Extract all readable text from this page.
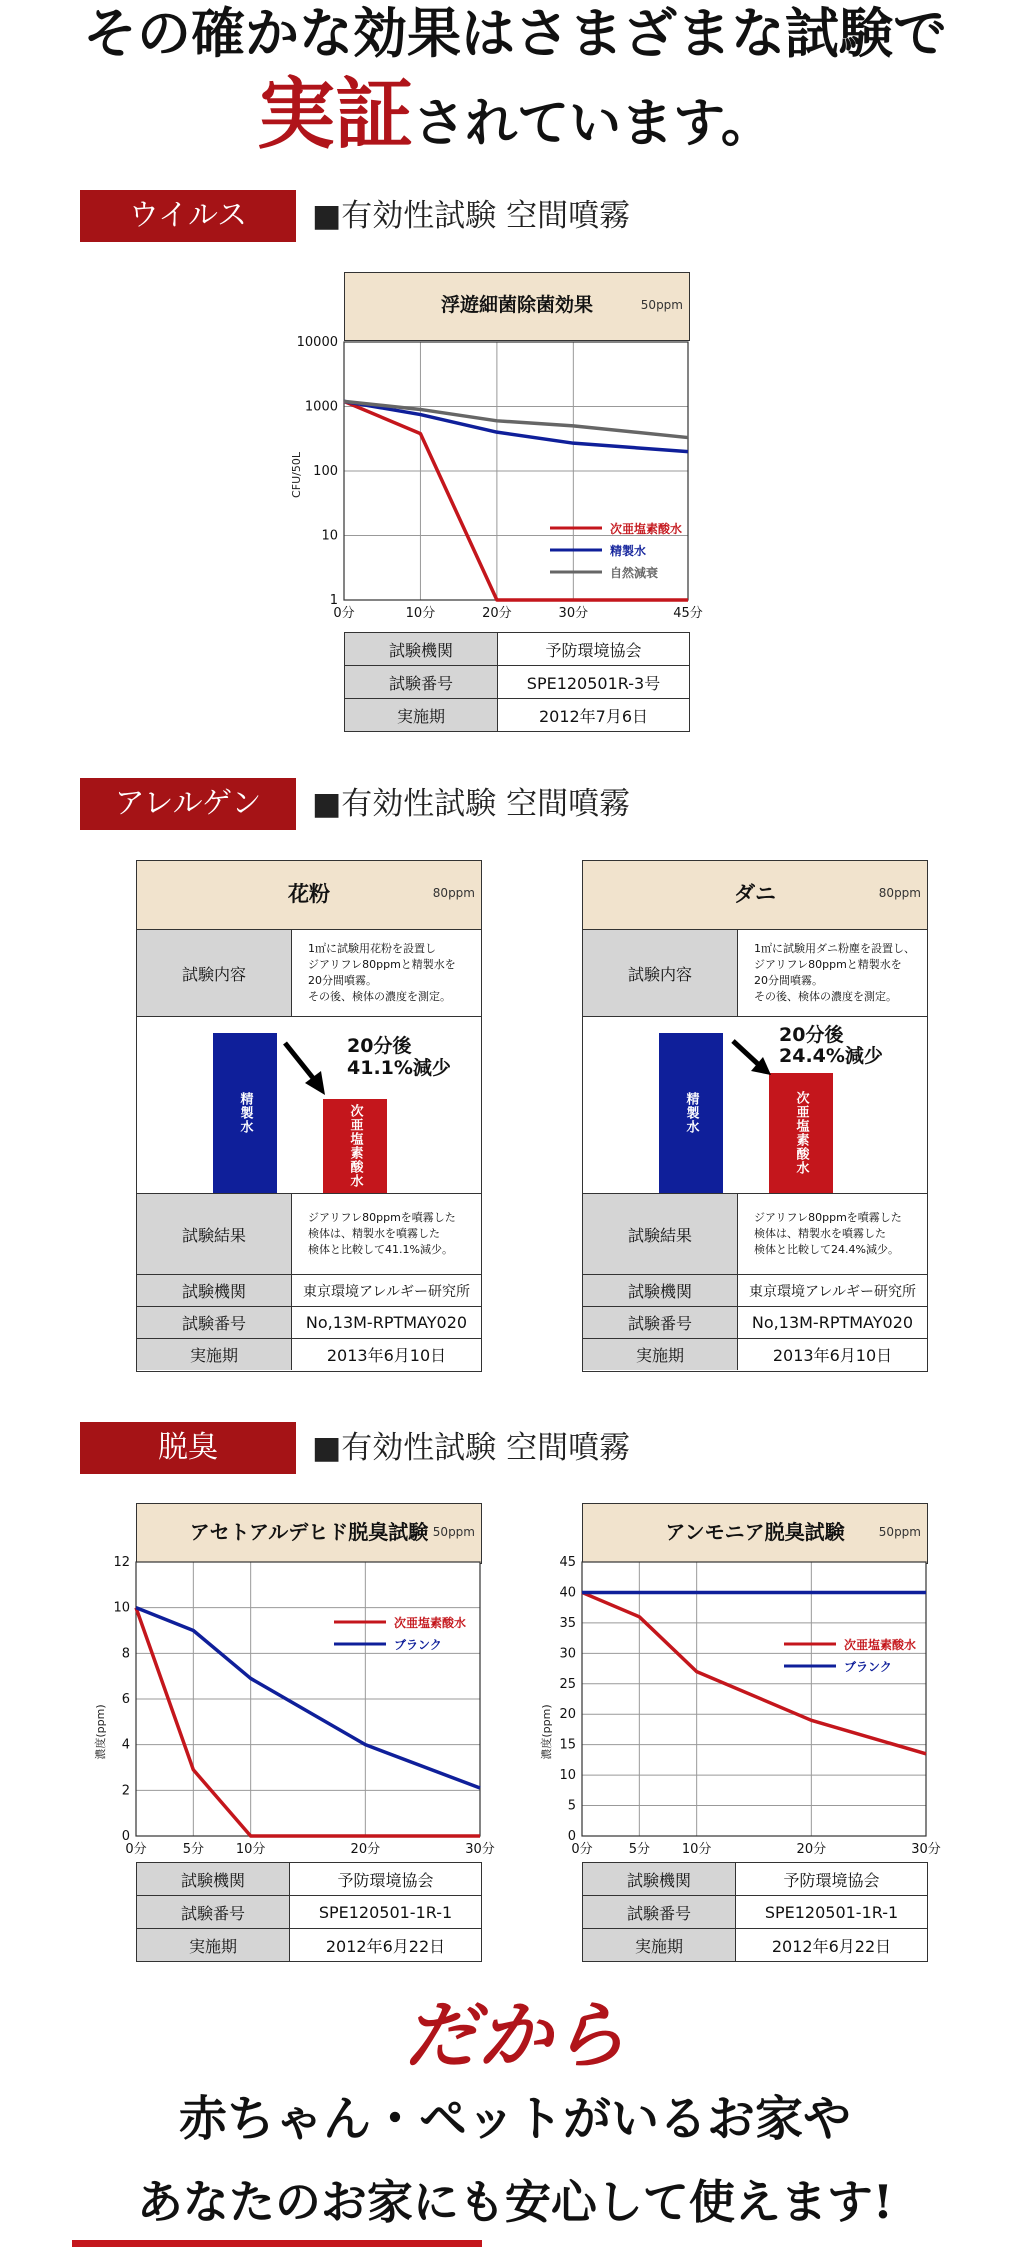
その確かな効果はさまざまな試験で
実証されています。
ウイルス	■有効性試験 空間噴霧
浮遊細菌除菌効果	50ppm
10000
1000
100
10
1
0分	10分	20分	30分	45分
CFU/50L
次亜塩素酸水
精製水
自然減衰
試験機関	予防環境協会
試験番号	SPE120501R-3号
実施期	2012年7月6日
アレルゲン	■有効性試験 空間噴霧
花粉	80ppm
試験内容
1㎡に試験用花粉を設置し
ジアリフレ80ppmと精製水を
20分間噴霧。
その後、検体の濃度を測定。
精製水	次亜塩素酸水
20分後
41.1%減少
試験結果
ジアリフレ80ppmを噴霧した
検体は、精製水を噴霧した
検体と比較して41.1%減少。
試験機関	東京環境アレルギー研究所
試験番号	No,13M-RPTMAY020
実施期	2013年6月10日
ダニ	80ppm
試験内容
1㎡に試験用ダニ粉塵を設置し、
ジアリフレ80ppmと精製水を
20分間噴霧。
その後、検体の濃度を測定。
精製水	次亜塩素酸水
20分後
24.4%減少
試験結果
ジアリフレ80ppmを噴霧した
検体は、精製水を噴霧した
検体と比較して24.4%減少。
試験機関	東京環境アレルギー研究所
試験番号	No,13M-RPTMAY020
実施期	2013年6月10日
脱臭	■有効性試験 空間噴霧
アセトアルデヒド脱臭試験 50ppm
12
10
8
6
4
2
0
0分	5分 10分	20分	30分
濃度(ppm)
次亜塩素酸水
ブランク
試験機関	予防環境協会
試験番号	SPE120501-1R-1
実施期	2012年6月22日
アンモニア脱臭試験	50ppm
45
40
35
30
25
20
15
10
5
0
0分	5分 10分	20分	30分
濃度(ppm)
次亜塩素酸水
ブランク
試験機関	予防環境協会
試験番号	SPE120501-1R-1
実施期	2012年6月22日
だから
赤ちゃん・ペットがいるお家や
あなたのお家にも安心して使えます!
